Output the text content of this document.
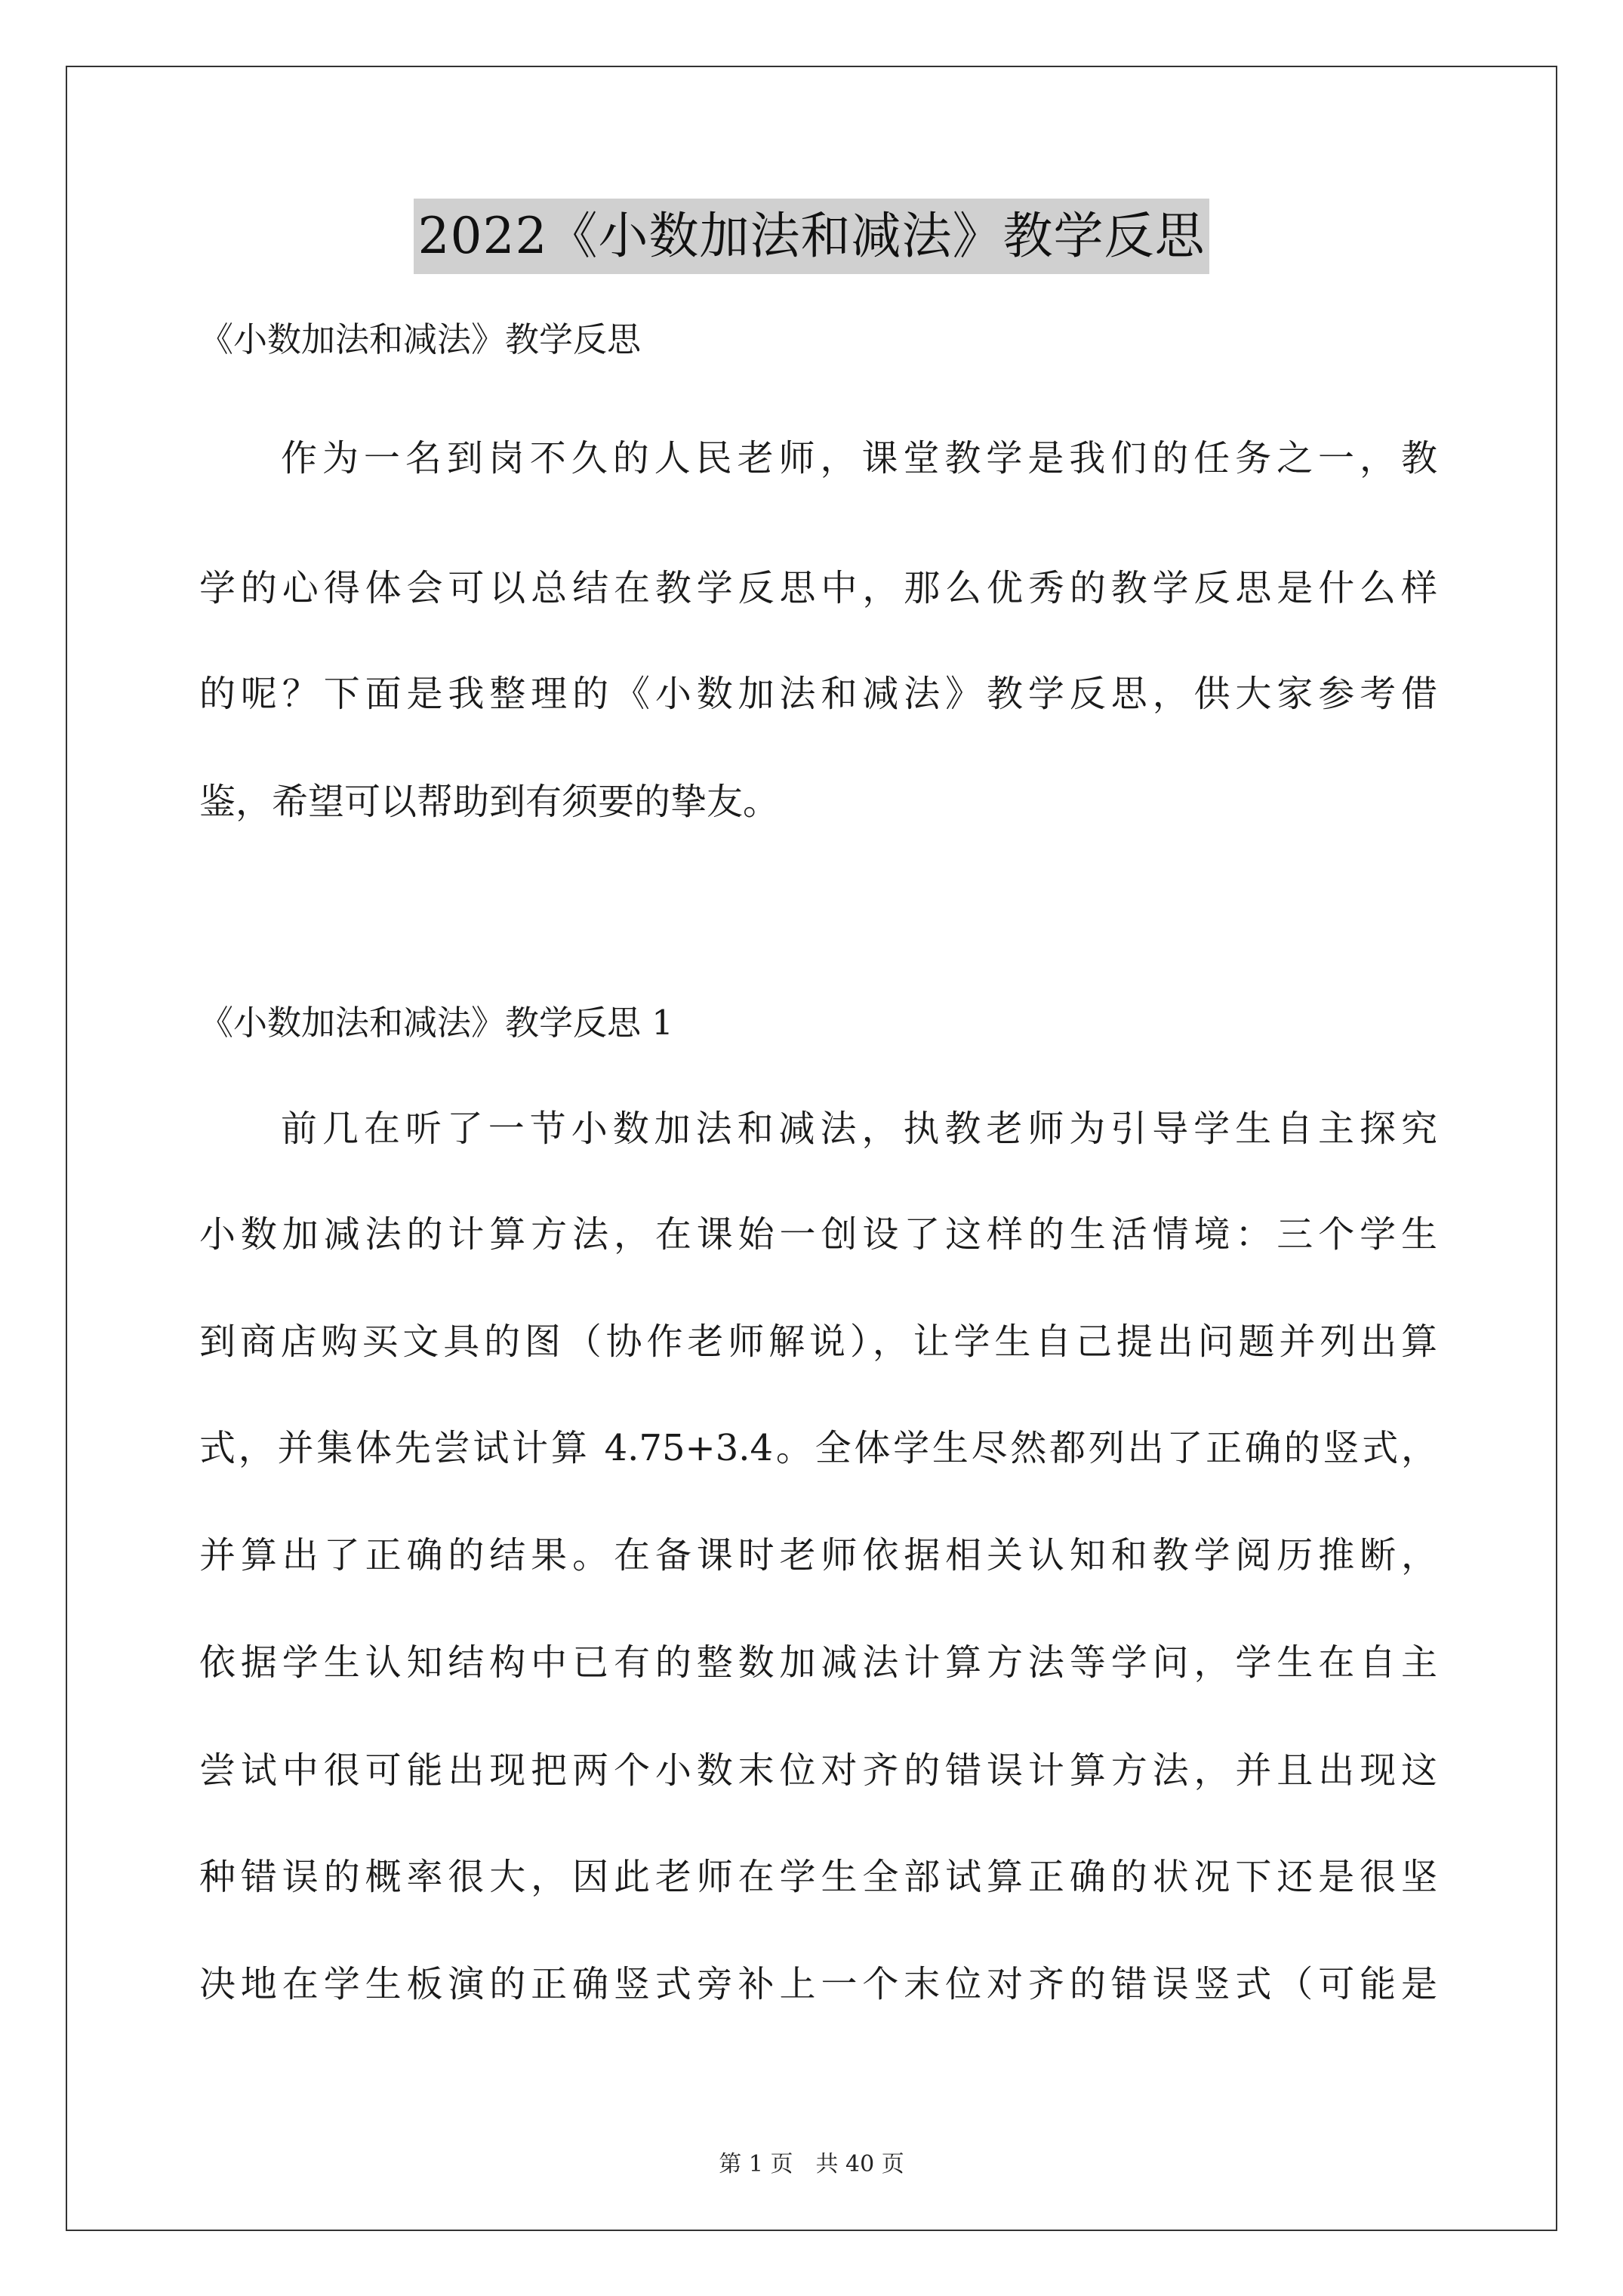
2022《小数加法和减法》教学反思
《小数加法和减法》教学反思
作为一名到岗不久的人民老师，课堂教学是我们的任务之一，教
学的心得体会可以总结在教学反思中，那么优秀的教学反思是什么样
的呢？下面是我整理的《小数加法和减法》教学反思，供大家参考借
鉴，希望可以帮助到有须要的挚友。
《小数加法和减法》教学反思 1
前几在听了一节小数加法和减法，执教老师为引导学生自主探究
小数加减法的计算方法，在课始一创设了这样的生活情境：三个学生
到商店购买文具的图（协作老师解说），让学生自己提出问题并列出算
式，并集体先尝试计算 4.75+3.4。全体学生尽然都列出了正确的竖式，
并算出了正确的结果。在备课时老师依据相关认知和教学阅历推断，
依据学生认知结构中已有的整数加减法计算方法等学问，学生在自主
尝试中很可能出现把两个小数末位对齐的错误计算方法，并且出现这
种错误的概率很大，因此老师在学生全部试算正确的状况下还是很坚
决地在学生板演的正确竖式旁补上一个末位对齐的错误竖式（可能是
第 1 页　共 40 页
